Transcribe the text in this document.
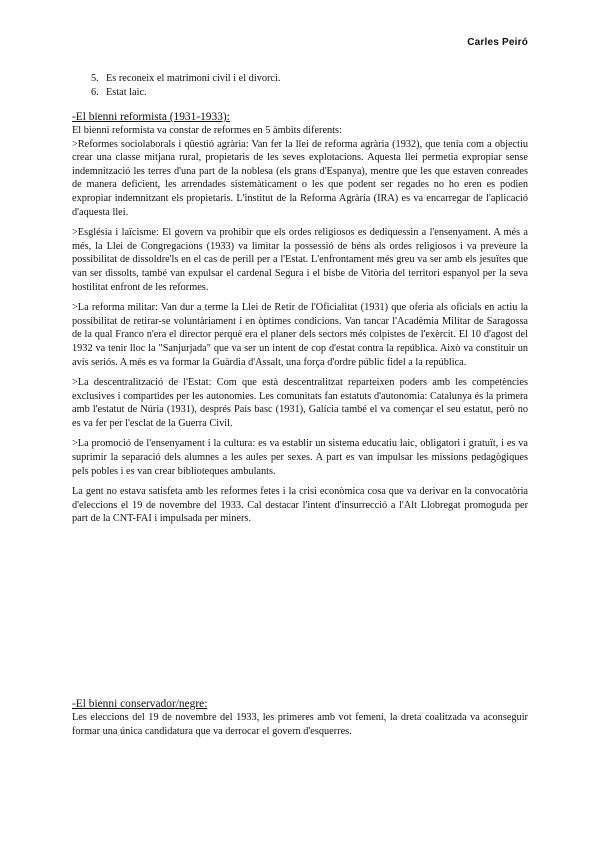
Carles Peiró
5. Es reconeix el matrimoni civil i el divorci.
6. Estat laic.
-El bienni reformista (1931-1933):
El bienni reformista va constar de reformes en 5 àmbits diferents:

>Reformes sociolaborals i qüestió agrària: Van fer la llei de reforma agrària (1932), que tenia com a objectiu crear una classe mitjana rural, propietaris de les seves explotacions. Aquesta llei permetia expropiar sense indemnització les terres d'una part de la noblesa (els grans d'Espanya), mentre que les que estaven conreades de manera deficient, les arrendades sistemàticament o les que podent ser regades no ho eren es podien expropiar indemnitzant els propietaris. L'institut de la Reforma Agrària (IRA) es va encarregar de l'aplicació d'aquesta llei.

>Església i laïcisme: El govern va prohibir que els ordes religiosos es dediquessin a l'ensenyament. A més a més, la Llei de Congregacions (1933) va limitar la possessió de béns als ordes religiosos i va preveure la possibilitat de dissoldre'ls en el cas de perill per a l'Estat. L'enfrontament més greu va ser amb els jesuïtes que van ser dissolts, també van expulsar el cardenal Segura i el bisbe de Vitòria del territori espanyol per la seva hostilitat enfront de les reformes.

>La reforma militar: Van dur a terme la Llei de Retir de l'Oficialitat (1931) que oferia als oficials en actiu la possibilitat de retirar-se voluntàriament i en òptimes condicions. Van tancar l'Acadèmia Militar de Saragossa de la qual Franco n'era el director perquè era el planer dels sectors més colpistes de l'exèrcit. El 10 d'agost del 1932 va tenir lloc la "Sanjurjada" que va ser un intent de cop d'estat contra la república. Això va constituir un avís seriós. A més es va formar la Guàrdia d'Assalt, una força d'ordre públic fidel a la república.

>La descentralització de l'Estat: Com que està descentralitzat reparteixen poders amb les competències exclusives i compartides per les autonomies. Les comunitats fan estatuts d'autonomia: Catalunya és la primera amb l'estatut de Núria (1931), després País basc (1931), Galícia també el va començar el seu estatut, però no es va fer per l'esclat de la Guerra Civil.

>La promoció de l'ensenyament i la cultura: es va establir un sistema educatiu laic, obligatori i gratuït, i es va suprimir la separació dels alumnes a les aules per sexes. A part es van impulsar les missions pedagògiques pels pobles i es van crear biblioteques ambulants.

La gent no estava satisfeta amb les reformes fetes i la crisi econòmica cosa que va derivar en la convocatòria d'eleccions el 19 de novembre del 1933. Cal destacar l'intent d'insurrecció a l'Alt Llobregat promoguda per part de la CNT-FAI i impulsada per miners.

-El bienni conservador/negre:

Les eleccions del 19 de novembre del 1933, les primeres amb vot femení, la dreta coalitzada va aconseguir formar una única candidatura que va derrocar el govern d'esquerres.
